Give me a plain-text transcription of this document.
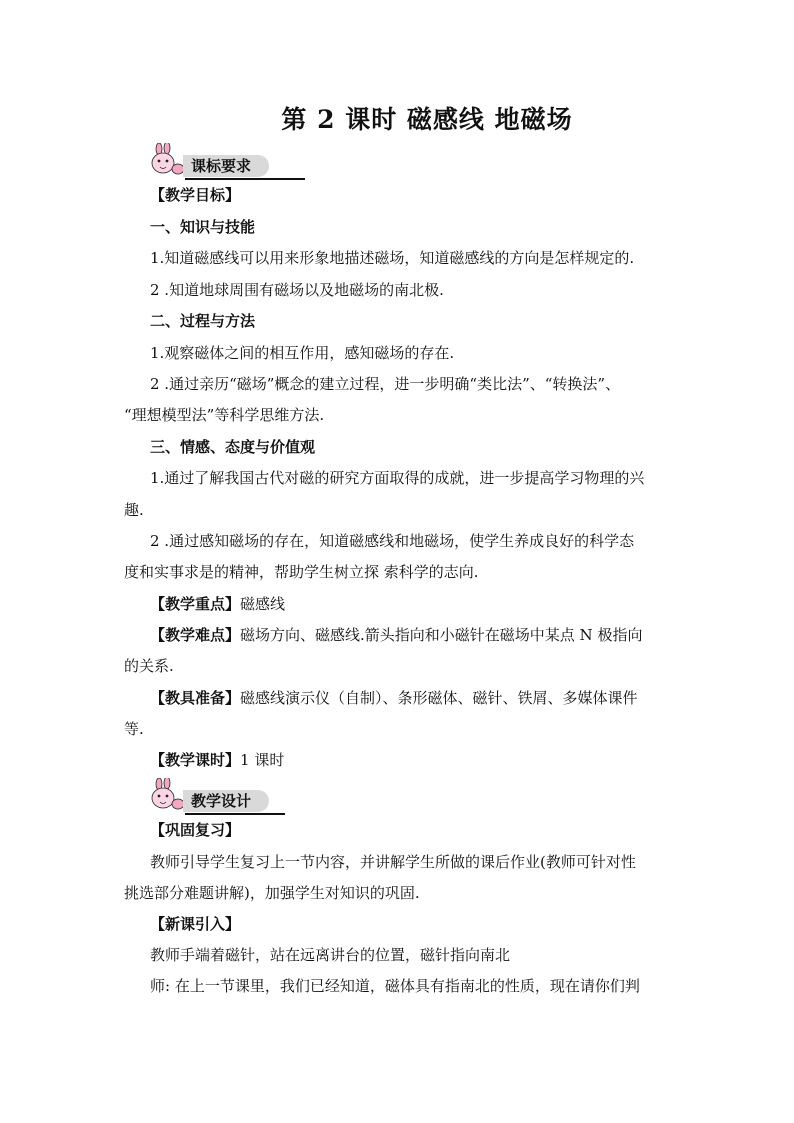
第 2 课时 磁感线 地磁场
课标要求
【教学目标】
一、知识与技能
1.知道磁感线可以用来形象地描述磁场，知道磁感线的方向是怎样规定的.
2 .知道地球周围有磁场以及地磁场的南北极.
二、过程与方法
1.观察磁体之间的相互作用，感知磁场的存在.
2 .通过亲历“磁场”概念的建立过程，进一步明确“类比法”、“转换法”、
“理想模型法”等科学思维方法.
三、情感、态度与价值观
1.通过了解我国古代对磁的研究方面取得的成就，进一步提高学习物理的兴
趣.
2 .通过感知磁场的存在，知道磁感线和地磁场，使学生养成良好的科学态
度和实事求是的精神，帮助学生树立探 索科学的志向.
【教学重点】磁感线
【教学难点】磁场方向、磁感线.箭头指向和小磁针在磁场中某点 N 极指向
的关系.
【教具准备】磁感线演示仪（自制）、条形磁体、磁针、铁屑、多媒体课件
等.
【教学课时】1 课时
教学设计
【巩固复习】
教师引导学生复习上一节内容，并讲解学生所做的课后作业(教师可针对性
挑选部分难题讲解)，加强学生对知识的巩固.
【新课引入】
教师手端着磁针，站在远离讲台的位置，磁针指向南北
师: 在上一节课里，我们已经知道，磁体具有指南北的性质，现在请你们判
